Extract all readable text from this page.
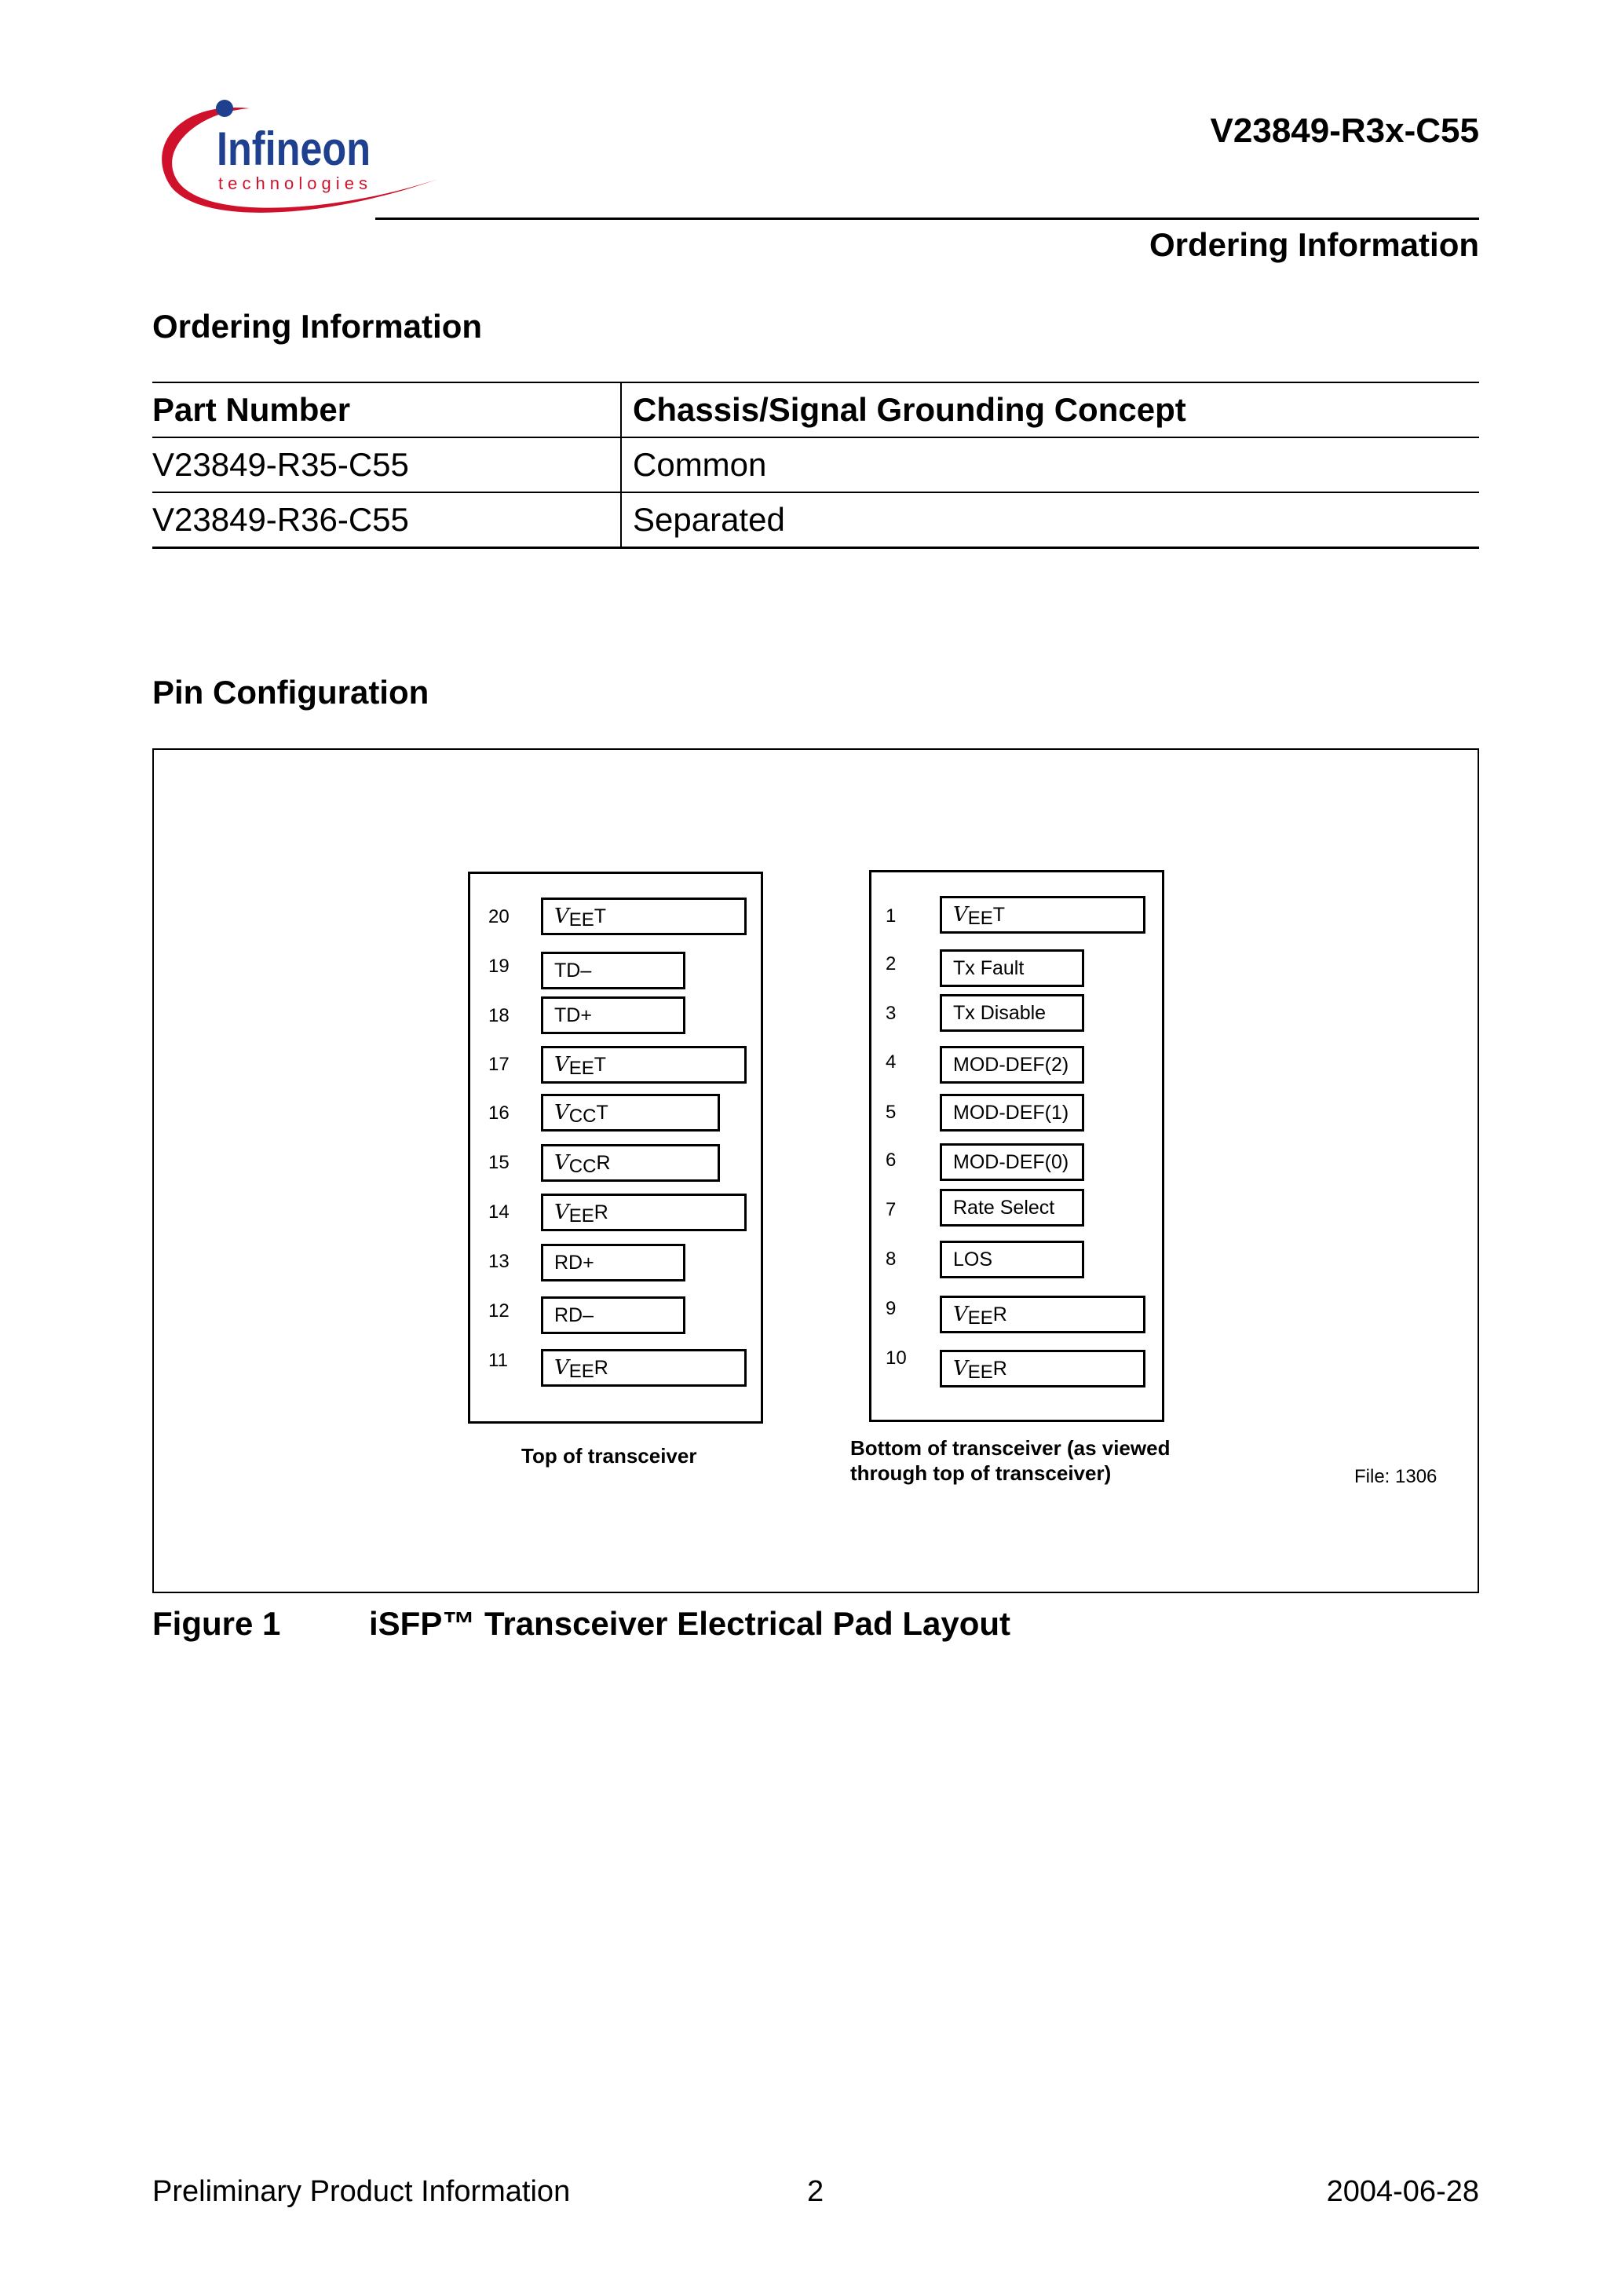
Infineon
technologies
V23849-R3x-C55
Ordering Information
Ordering Information
Part Number	Chassis/Signal Grounding Concept
V23849-R35-C55	Common
V23849-R36-C55	Separated
Pin Configuration
20	$V_{EE}T$
19	TD–
18	TD+
17	$V_{EE}T$
16	$V_{CC}T$
15	$V_{CC}R$
14	$V_{EE}R$
13	RD+
12	RD–
11	$V_{EE}R$
1	$V_{EE}T$
2	Tx Fault
3	Tx Disable
4	MOD-DEF(2)
5	MOD-DEF(1)
6	MOD-DEF(0)
7	Rate Select
8	LOS
9	$V_{EE}R$
10	$V_{EE}R$
Top of transceiver	Bottom of transceiver (as viewed
through top of transceiver)	File: 1306
Figure 1	iSFP™ Transceiver Electrical Pad Layout
Preliminary Product Information	2	2004-06-28
